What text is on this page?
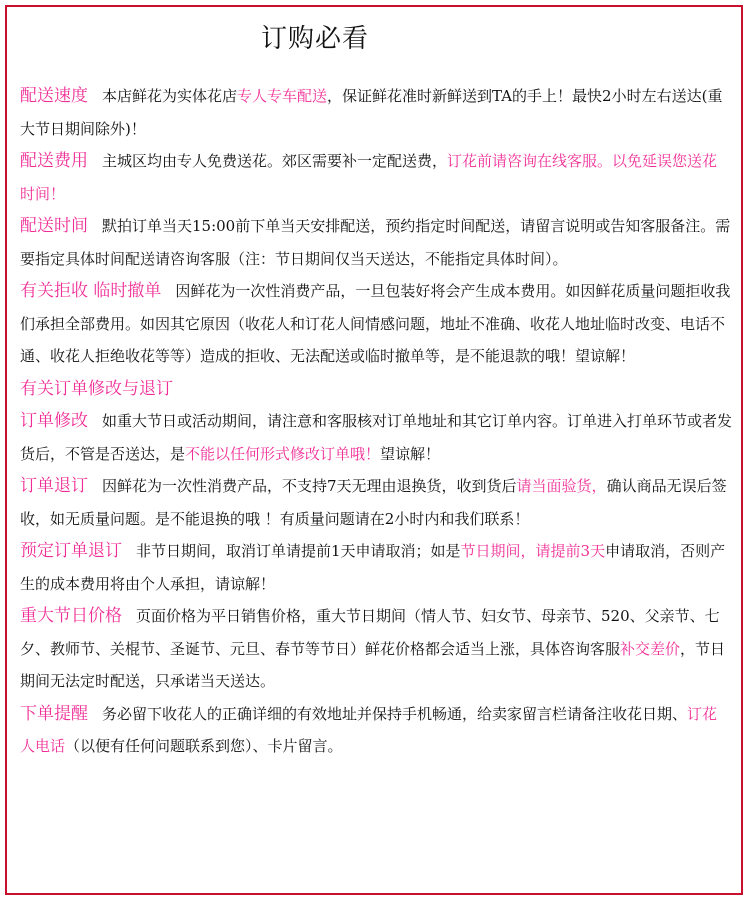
订购必看

配送速度 本店鲜花为实体花店专人专车配送，保证鲜花准时新鲜送到TA的手上！最快2小时左右送达(重大节日期间除外)！

配送费用 主城区均由专人免费送花。郊区需要补一定配送费，订花前请咨询在线客服。以免延误您送花时间！

配送时间 默拍订单当天15:00前下单当天安排配送，预约指定时间配送，请留言说明或告知客服备注。需要指定具体时间配送请咨询客服（注：节日期间仅当天送达，不能指定具体时间）。

有关拒收 临时撤单 因鲜花为一次性消费产品，一旦包装好将会产生成本费用。如因鲜花质量问题拒收我们承担全部费用。如因其它原因（收花人和订花人间情感问题，地址不准确、收花人地址临时改变、电话不通、收花人拒绝收花等等）造成的拒收、无法配送或临时撤单等，是不能退款的哦！望谅解！

有关订单修改与退订

订单修改 如重大节日或活动期间，请注意和客服核对订单地址和其它订单内容。订单进入打单环节或者发货后，不管是否送达，是不能以任何形式修改订单哦！望谅解！

订单退订 因鲜花为一次性消费产品，不支持7天无理由退换货，收到货后请当面验货，确认商品无误后签收，如无质量问题。是不能退换的哦 ！有质量问题请在2小时内和我们联系！

预定订单退订 非节日期间，取消订单请提前1天申请取消；如是节日期间，请提前3天申请取消，否则产生的成本费用将由个人承担，请谅解！

重大节日价格 页面价格为平日销售价格，重大节日期间（情人节、妇女节、母亲节、520、父亲节、七夕、教师节、关棍节、圣诞节、元旦、春节等节日）鲜花价格都会适当上涨，具体咨询客服补交差价，节日期间无法定时配送，只承诺当天送达。

下单提醒 务必留下收花人的正确详细的有效地址并保持手机畅通，给卖家留言栏请备注收花日期、订花人电话（以便有任何问题联系到您）、卡片留言。
